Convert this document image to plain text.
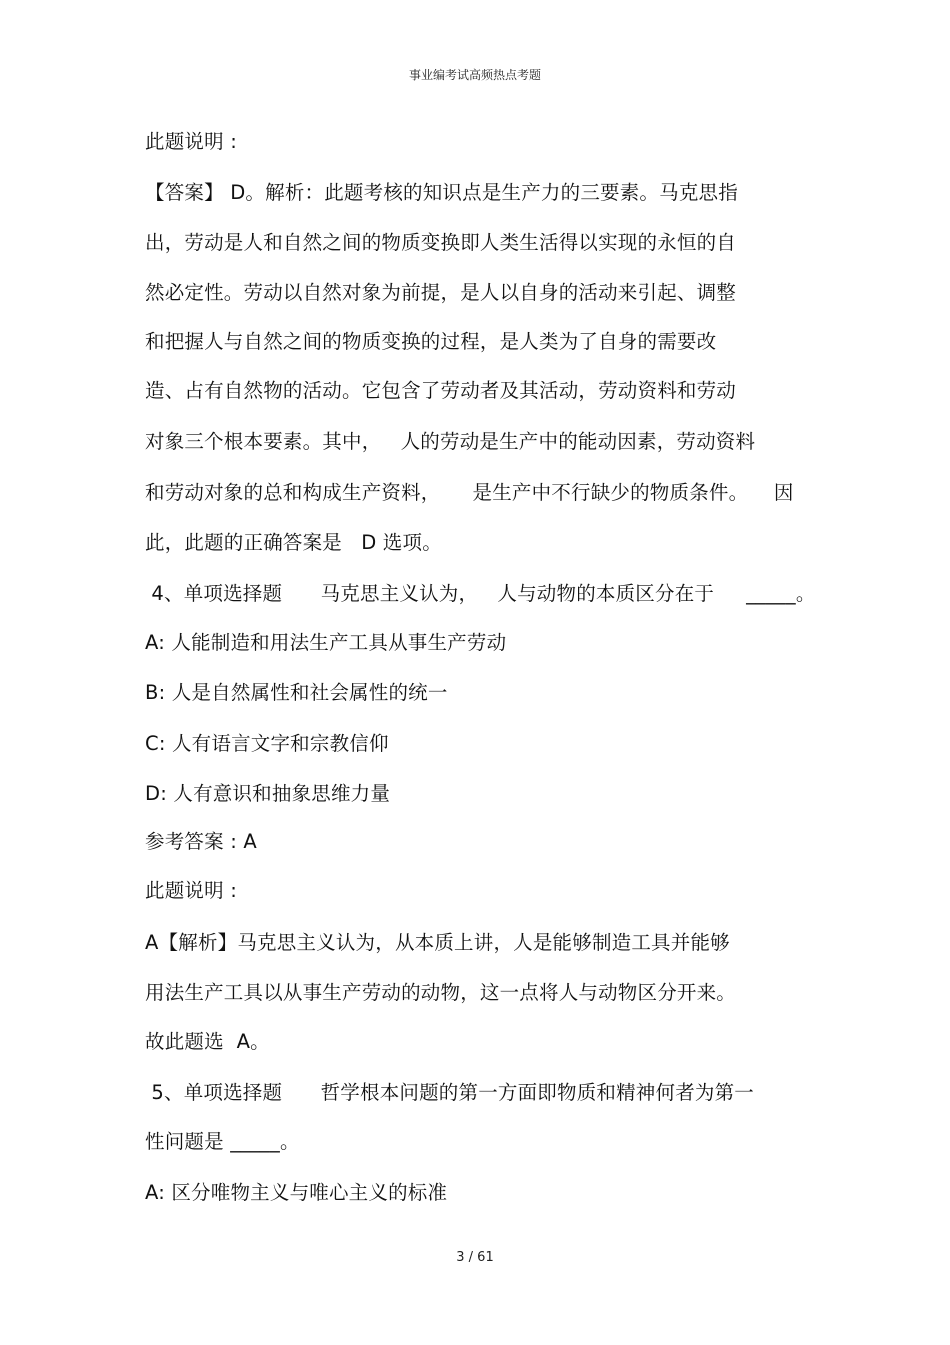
事业编考试高频热点考题
此题说明 :
【答案】 D。解析：此题考核的知识点是生产力的三要素。马克思指
出，劳动是人和自然之间的物质变换即人类生活得以实现的永恒的自
然必定性。劳动以自然对象为前提，是人以自身的活动来引起、调整
和把握人与自然之间的物质变换的过程，是人类为了自身的需要改
造、占有自然物的活动。它包含了劳动者及其活动，劳动资料和劳动
对象三个根本要素。其中，   人的劳动是生产中的能动因素，劳动资料
和劳动对象的总和构成生产资料，     是生产中不行缺少的物质条件。    因
此，此题的正确答案是   D 选项。
4、单项选择题      马克思主义认为，   人与动物的本质区分在于     _____。
A: 人能制造和用法生产工具从事生产劳动
B: 人是自然属性和社会属性的统一
C: 人有语言文字和宗教信仰
D: 人有意识和抽象思维力量
参考答案 : A
此题说明 :
A【解析】马克思主义认为，从本质上讲，人是能够制造工具并能够
用法生产工具以从事生产劳动的动物，这一点将人与动物区分开来。
故此题选  A。
5、单项选择题      哲学根本问题的第一方面即物质和精神何者为第一
性问题是 _____。
A: 区分唯物主义与唯心主义的标准
3 / 61
